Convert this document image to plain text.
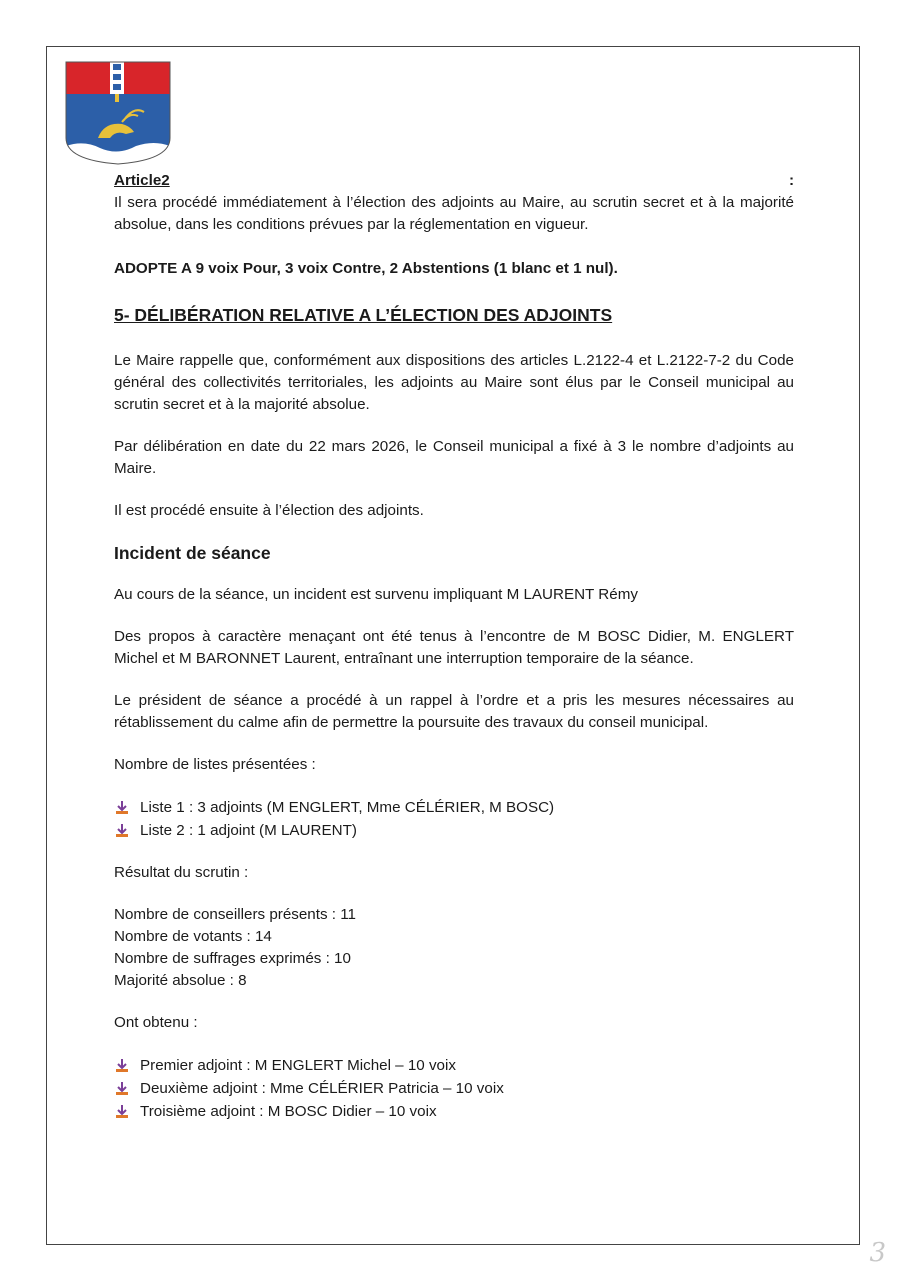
Article2	:

Il sera procédé immédiatement à l’élection des adjoints au Maire, au scrutin secret et à la majorité absolue, dans les conditions prévues par la réglementation en vigueur.

ADOPTE A 9 voix Pour, 3 voix Contre, 2 Abstentions (1 blanc et 1 nul).

5- DÉLIBÉRATION RELATIVE A L’ÉLECTION DES ADJOINTS

Le Maire rappelle que, conformément aux dispositions des articles L.2122-4 et L.2122-7-2 du Code général des collectivités territoriales, les adjoints au Maire sont élus par le Conseil municipal au scrutin secret et à la majorité absolue.

Par délibération en date du 22 mars 2026, le Conseil municipal a fixé à 3 le nombre d’adjoints au Maire.

Il est procédé ensuite à l’élection des adjoints.

Incident de séance

Au cours de la séance, un incident est survenu impliquant M LAURENT Rémy

Des propos à caractère menaçant ont été tenus à l’encontre de M BOSC Didier, M. ENGLERT Michel et M BARONNET Laurent, entraînant une interruption temporaire de la séance.

Le président de séance a procédé à un rappel à l’ordre et a pris les mesures nécessaires au rétablissement du calme afin de permettre la poursuite des travaux du conseil municipal.

Nombre de listes présentées :

Liste 1 : 3 adjoints (M ENGLERT, Mme CÉLÉRIER, M BOSC)
Liste 2 : 1 adjoint (M LAURENT)

Résultat du scrutin :

Nombre de conseillers présents : 11

Nombre de votants : 14

Nombre de suffrages exprimés : 10

Majorité absolue : 8

Ont obtenu :

Premier adjoint : M ENGLERT Michel – 10 voix
Deuxième adjoint : Mme CÉLÉRIER Patricia – 10 voix
Troisième adjoint : M BOSC Didier – 10 voix
3
